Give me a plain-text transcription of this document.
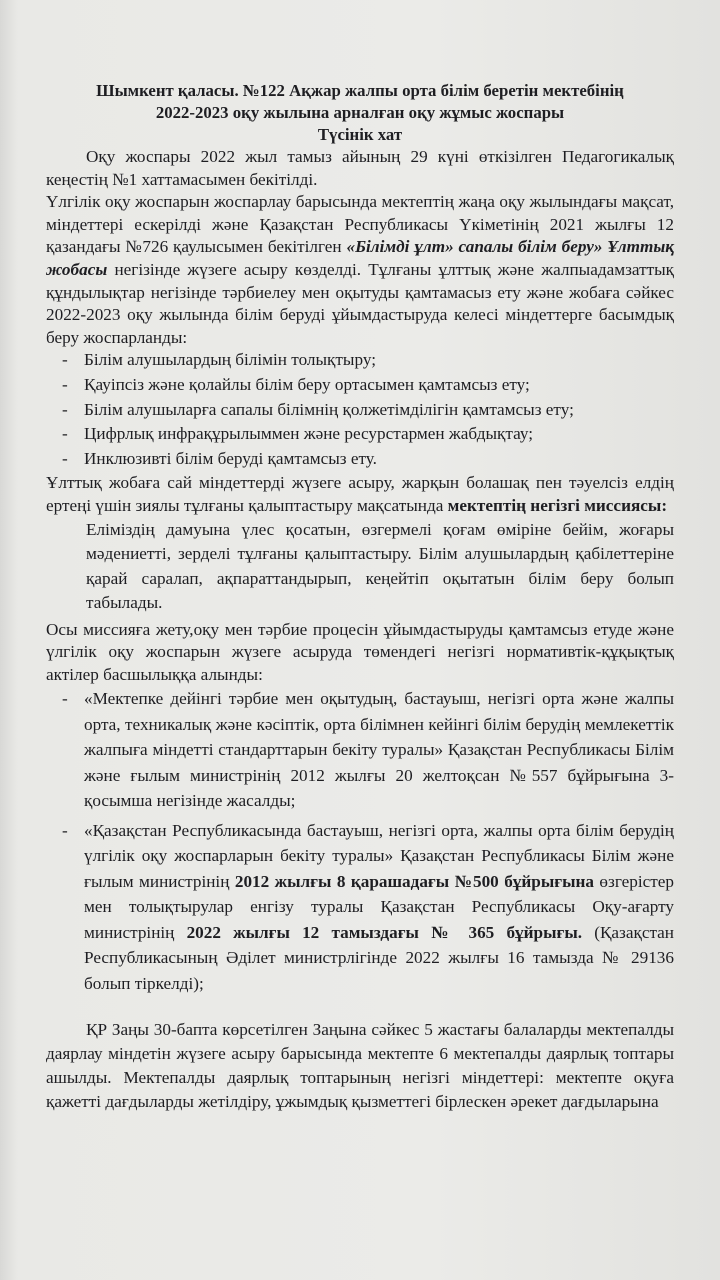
Шымкент қаласы. №122 Ақжар жалпы орта білім беретін мектебінің
2022-2023 оқу жылына арналған оқу жұмыс жоспары
Түсінік хат

Оқу жоспары 2022 жыл тамыз айының 29 күні өткізілген Педагогикалық кеңестің №1 хаттамасымен бекітілді.

Үлгілік оқу жоспарын жоспарлау барысында мектептің жаңа оқу жылындағы мақсат, міндеттері ескерілді және Қазақстан Республикасы Үкіметінің 2021 жылғы 12 қазандағы №726 қаулысымен бекітілген «Білімді ұлт» сапалы білім беру» Ұлттық жобасы негізінде жүзеге асыру көзделді. Тұлғаны ұлттық және жалпыадамзаттық құндылықтар негізінде тәрбиелеу мен оқытуды қамтамасыз ету және жобаға сәйкес 2022-2023 оқу жылында білім беруді ұйымдастыруда келесі міндеттерге басымдық беру жоспарланды:

- Білім алушылардың білімін толықтыру;
- Қауіпсіз және қолайлы білім беру ортасымен қамтамсыз ету;
- Білім алушыларға сапалы білімнің қолжетімділігін қамтамсыз ету;
- Цифрлық инфрақұрылыммен және ресурстармен жабдықтау;
- Инклюзивті білім беруді қамтамсыз ету.

Ұлттық жобаға сай міндеттерді жүзеге асыру, жарқын болашақ пен тәуелсіз елдің ертеңі үшін зиялы тұлғаны қалыптастыру мақсатында мектептің негізгі миссиясы:

Еліміздің дамуына үлес қосатын, өзгермелі қоғам өміріне бейім, жоғары мәдениетті, зерделі тұлғаны қалыптастыру. Білім алушылардың қабілеттеріне қарай саралап, ақпараттандырып, кеңейтіп оқытатын білім беру болып табылады.

Осы миссияға жету,оқу мен тәрбие процесін ұйымдастыруды қамтамсыз етуде және үлгілік оқу жоспарын жүзеге асыруда төмендегі негізгі нормативтік-құқықтық актілер басшылыққа алынды:

- «Мектепке дейінгі тәрбие мен оқытудың, бастауыш, негізгі орта және жалпы орта, техникалық және кәсіптік, орта білімнен кейінгі білім берудің мемлекеттік жалпыға міндетті стандарттарын бекіту туралы» Қазақстан Республикасы Білім және ғылым министрінің 2012 жылғы 20 желтоқсан №557 бұйрығына 3-қосымша негізінде жасалды;
- «Қазақстан Республикасында бастауыш, негізгі орта, жалпы орта білім берудің үлгілік оқу жоспарларын бекіту туралы» Қазақстан Республикасы Білім және ғылым министрінің 2012 жылғы 8 қарашадағы №500 бұйрығына өзгерістер мен толықтырулар енгізу туралы Қазақстан Республикасы Оқу-ағарту министрінің 2022 жылғы 12 тамыздағы № 365 бұйрығы. (Қазақстан Республикасының Әділет министрлігінде 2022 жылғы 16 тамызда № 29136 болып тіркелді);

ҚР Заңы 30-бапта көрсетілген Заңына сәйкес 5 жастағы балаларды мектепалды даярлау міндетін жүзеге асыру барысында мектепте 6 мектепалды даярлық топтары ашылды. Мектепалды даярлық топтарының негізгі міндеттері: мектепте оқуға қажетті дағдыларды жетілдіру, ұжымдық қызметтегі бірлескен әрекет дағдыларына
